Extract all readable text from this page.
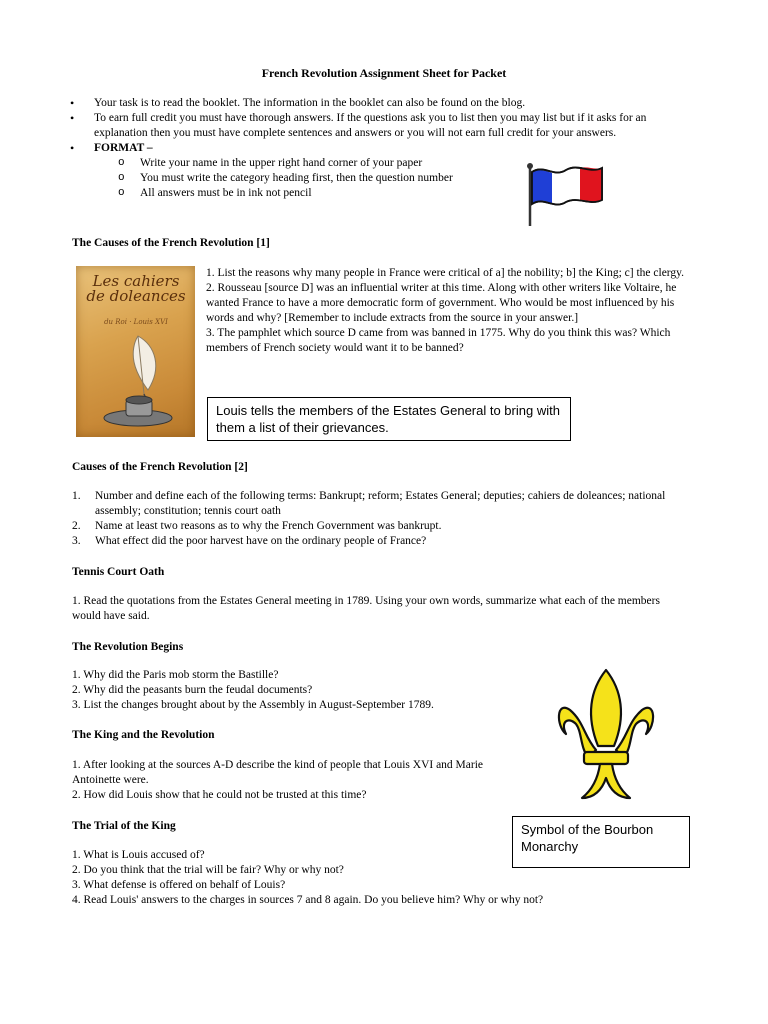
French Revolution Assignment Sheet for Packet
• Your task is to read the booklet. The information in the booklet can also be found on the blog.
• To earn full credit you must have thorough answers. If the questions ask you to list then you may list but if it asks for an explanation then you must have complete sentences and answers or you will not earn full credit for your answers.
• FORMAT –
o Write your name in the upper right hand corner of your paper
o You must write the category heading first, then the question number
o All answers must be in ink not pencil
The Causes of the French Revolution [1]
Les cahiers de doleances
du Roi · Louis XVI

1. List the reasons why many people in France were critical of a] the nobility; b] the King; c] the clergy.

2. Rousseau [source D] was an influential writer at this time. Along with other writers like Voltaire, he wanted France to have a more democratic form of government. Who would be most influenced by his words and why? [Remember to include extracts from the source in your answer.]

3. The pamphlet which source D came from was banned in 1775. Why do you think this was? Which members of French society would want it to be banned?

Louis tells the members of the Estates General to bring with them a list of their grievances.
Causes of the French Revolution [2]
1. Number and define each of the following terms: Bankrupt; reform; Estates General; deputies; cahiers de doleances; national assembly; constitution; tennis court oath
2. Name at least two reasons as to why the French Government was bankrupt.
3. What effect did the poor harvest have on the ordinary people of France?
Tennis Court Oath

1. Read the quotations from the Estates General meeting in 1789. Using your own words, summarize what each of the members would have said.

The Revolution Begins

1. Why did the Paris mob storm the Bastille?

2. Why did the peasants burn the feudal documents?

3. List the changes brought about by the Assembly in August-September 1789.

The King and the Revolution

1. After looking at the sources A-D describe the kind of people that Louis XVI and Marie Antoinette were.

2. How did Louis show that he could not be trusted at this time?

Symbol of the Bourbon Monarchy
The Trial of the King

1. What is Louis accused of?

2. Do you think that the trial will be fair? Why or why not?

3. What defense is offered on behalf of Louis?

4. Read Louis' answers to the charges in sources 7 and 8 again. Do you believe him? Why or why not?
